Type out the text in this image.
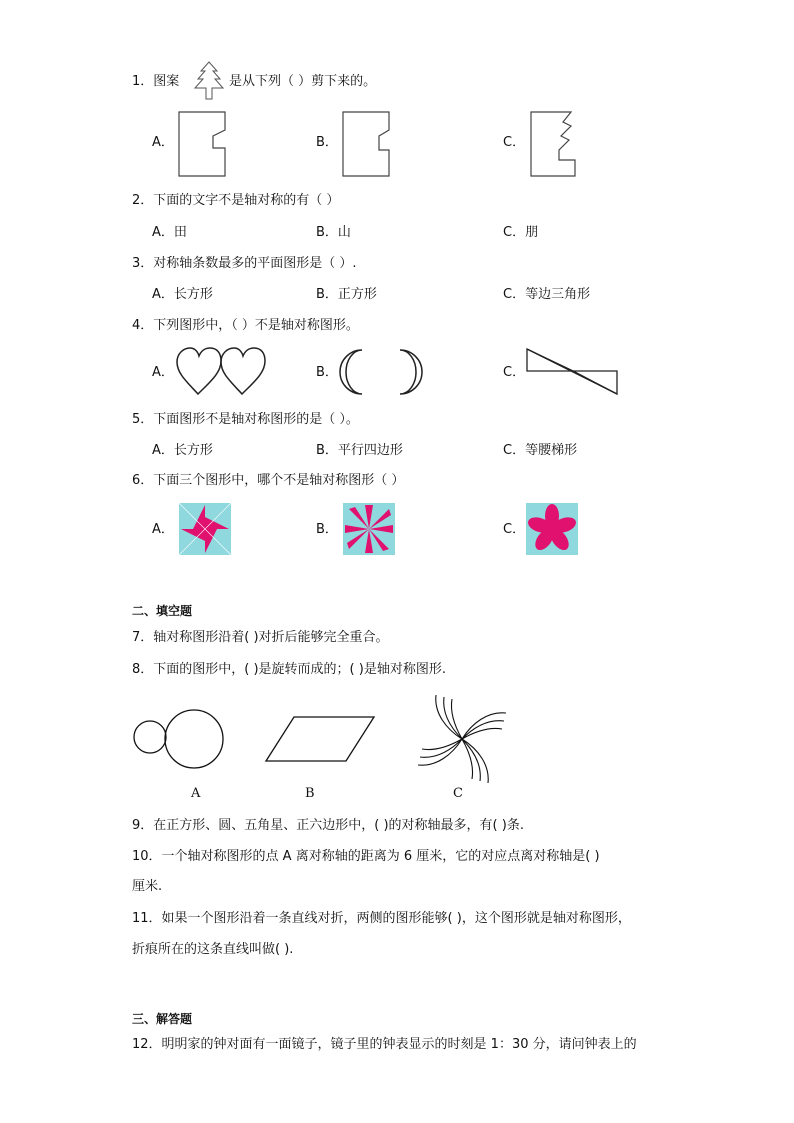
1．图案	是从下列（ ）剪下来的。
A．	B．	C．
2．下面的文字不是轴对称的有（ ）
A．田	B．山	C．朋
3．对称轴条数最多的平面图形是（ ）.
A．长方形	B．正方形	C．等边三角形
4．下列图形中，（ ）不是轴对称图形。
A．	B．	C．
5．下面图形不是轴对称图形的是（ ）。
A．长方形	B．平行四边形	C．等腰梯形
6．下面三个图形中，哪个不是轴对称图形（ ）
A．	B．	C．
二、填空题
7．轴对称图形沿着( )对折后能够完全重合。
8．下面的图形中，( )是旋转而成的；( )是轴对称图形.
A	B	C
9．在正方形、圆、五角星、正六边形中，( )的对称轴最多，有( )条.
10．一个轴对称图形的点 A 离对称轴的距离为 6 厘米，它的对应点离对称轴是( )
厘米.
11．如果一个图形沿着一条直线对折，两侧的图形能够( )，这个图形就是轴对称图形，
折痕所在的这条直线叫做( ).
三、解答题
12．明明家的钟对面有一面镜子，镜子里的钟表显示的时刻是 1：30 分，请问钟表上的
